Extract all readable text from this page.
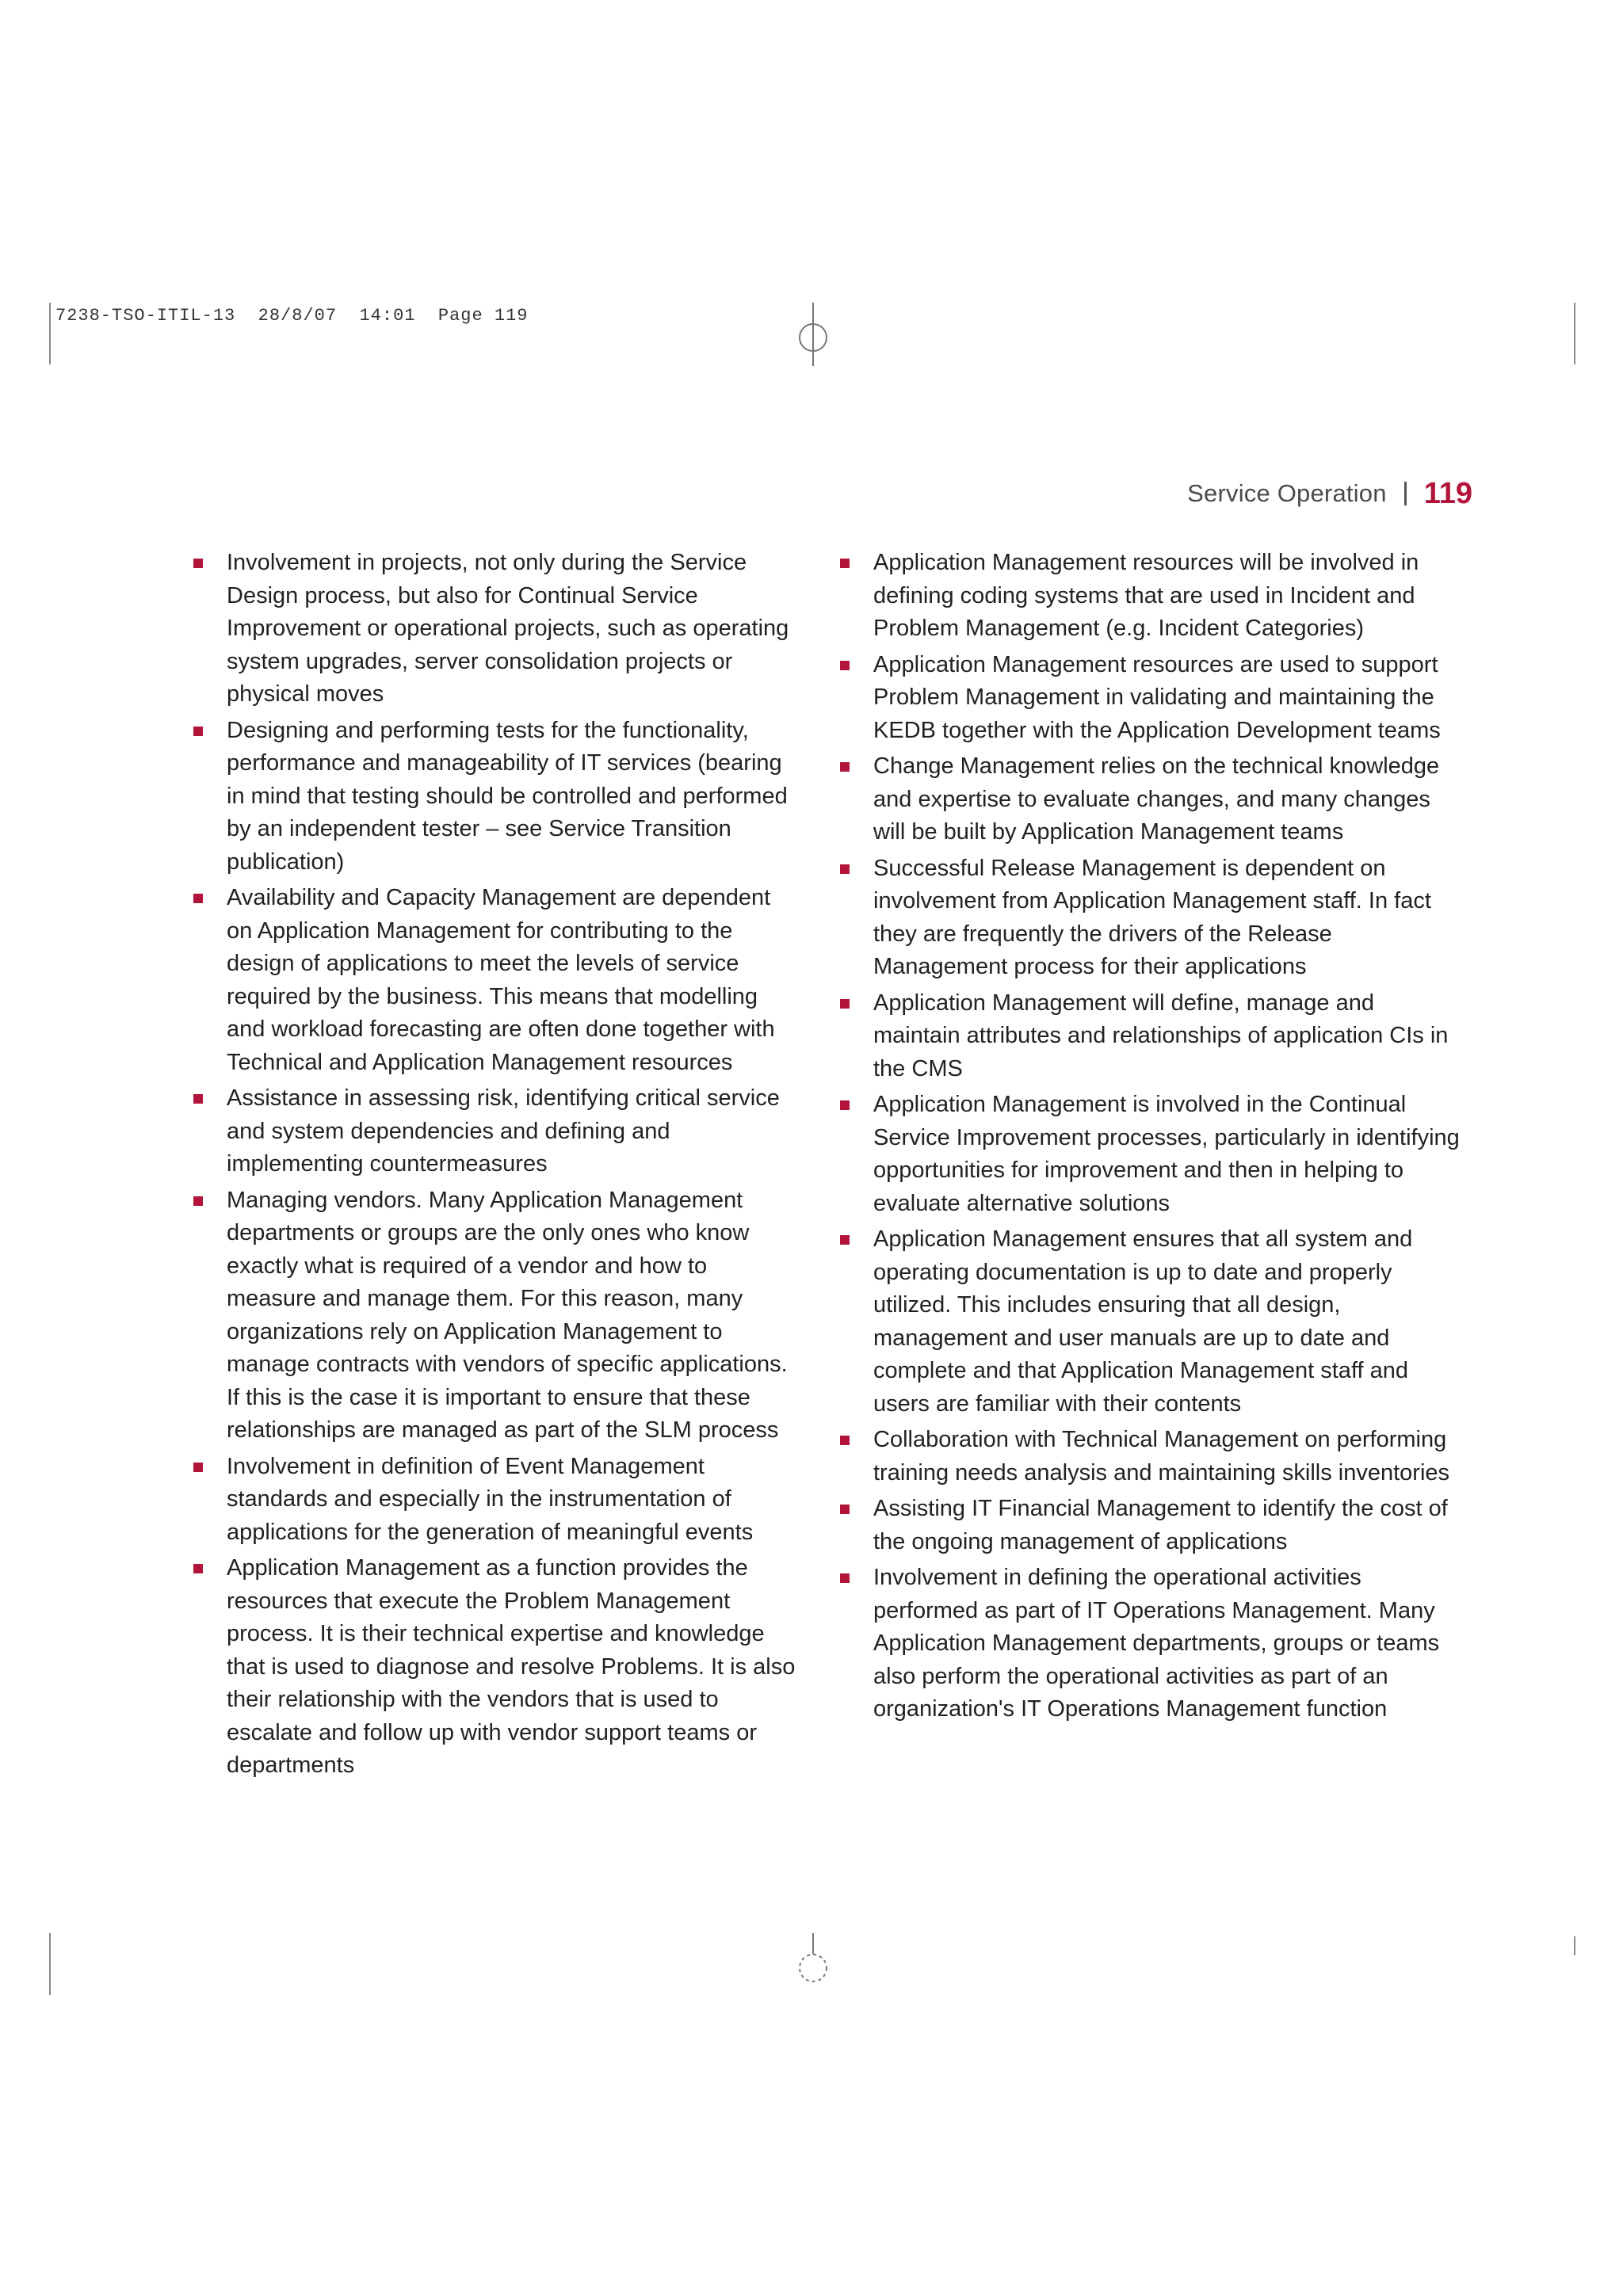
7238-TSO-ITIL-13  28/8/07  14:01  Page 119
Service Operation 119
Involvement in projects, not only during the Service Design process, but also for Continual Service Improvement or operational projects, such as operating system upgrades, server consolidation projects or physical moves
Designing and performing tests for the functionality, performance and manageability of IT services (bearing in mind that testing should be controlled and performed by an independent tester – see Service Transition publication)
Availability and Capacity Management are dependent on Application Management for contributing to the design of applications to meet the levels of service required by the business. This means that modelling and workload forecasting are often done together with Technical and Application Management resources
Assistance in assessing risk, identifying critical service and system dependencies and defining and implementing countermeasures
Managing vendors. Many Application Management departments or groups are the only ones who know exactly what is required of a vendor and how to measure and manage them. For this reason, many organizations rely on Application Management to manage contracts with vendors of specific applications. If this is the case it is important to ensure that these relationships are managed as part of the SLM process
Involvement in definition of Event Management standards and especially in the instrumentation of applications for the generation of meaningful events
Application Management as a function provides the resources that execute the Problem Management process. It is their technical expertise and knowledge that is used to diagnose and resolve Problems. It is also their relationship with the vendors that is used to escalate and follow up with vendor support teams or departments
Application Management resources will be involved in defining coding systems that are used in Incident and Problem Management (e.g. Incident Categories)
Application Management resources are used to support Problem Management in validating and maintaining the KEDB together with the Application Development teams
Change Management relies on the technical knowledge and expertise to evaluate changes, and many changes will be built by Application Management teams
Successful Release Management is dependent on involvement from Application Management staff. In fact they are frequently the drivers of the Release Management process for their applications
Application Management will define, manage and maintain attributes and relationships of application CIs in the CMS
Application Management is involved in the Continual Service Improvement processes, particularly in identifying opportunities for improvement and then in helping to evaluate alternative solutions
Application Management ensures that all system and operating documentation is up to date and properly utilized. This includes ensuring that all design, management and user manuals are up to date and complete and that Application Management staff and users are familiar with their contents
Collaboration with Technical Management on performing training needs analysis and maintaining skills inventories
Assisting IT Financial Management to identify the cost of the ongoing management of applications
Involvement in defining the operational activities performed as part of IT Operations Management. Many Application Management departments, groups or teams also perform the operational activities as part of an organization's IT Operations Management function
